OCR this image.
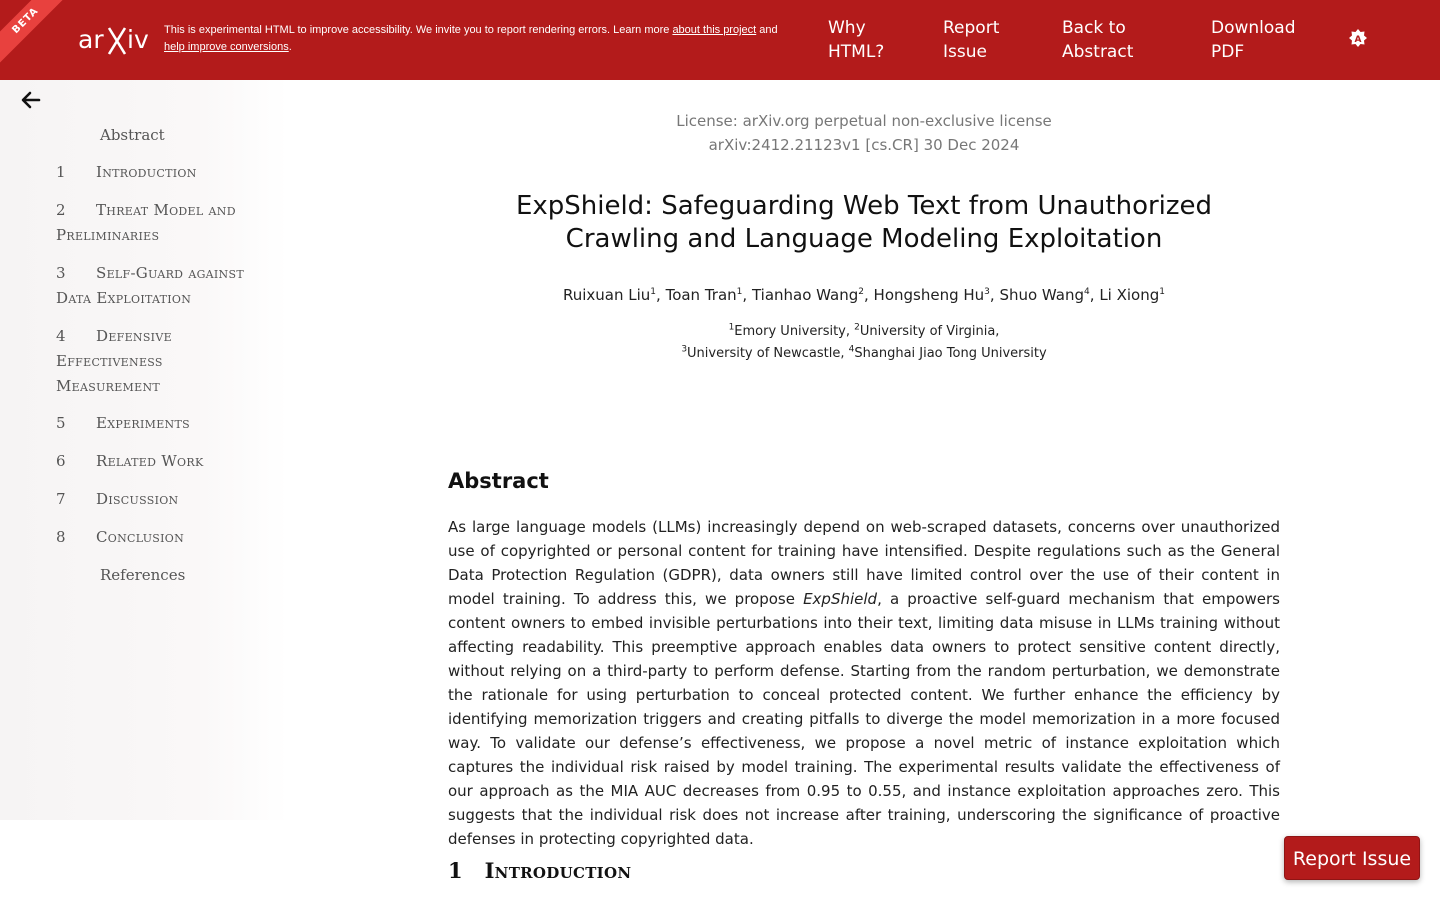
BETA
ar iv This is experimental HTML to improve accessibility. We invite you to report rendering errors. Learn more about this project and
help improve conversions.
Why
HTML?
Report
Issue
Back to
Abstract
Download
PDF
A
Abstract
1 Introduction
2 Threat Model and Preliminaries
3 Self-Guard against Data Exploitation
4 Defensive Effectiveness Measurement
5 Experiments
6 Related Work
7 Discussion
8 Conclusion
References
License: arXiv.org perpetual non-exclusive license
arXiv:2412.21123v1 [cs.CR] 30 Dec 2024
ExpShield: Safeguarding Web Text from Unauthorized Crawling and Language Modeling Exploitation
Ruixuan Liu$^1$, Toan Tran$^1$, Tianhao Wang$^2$, Hongsheng Hu$^3$, Shuo Wang$^4$, Li Xiong$^1$
$^1$Emory University, $^2$University of Virginia,
$^3$University of Newcastle, $^4$Shanghai Jiao Tong University
Abstract
As large language models (LLMs) increasingly depend on web-scraped datasets, concerns over unauthorized use of copyrighted or personal content for training have intensified. Despite regulations such as the General Data Protection Regulation (GDPR), data owners still have limited control over the use of their content in model training. To address this, we propose ExpShield, a proactive self-guard mechanism that empowers content owners to embed invisible perturbations into their text, limiting data misuse in LLMs training without affecting readability. This preemptive approach enables data owners to protect sensitive content directly, without relying on a third-party to perform defense. Starting from the random perturbation, we demonstrate the rationale for using perturbation to conceal protected content. We further enhance the efficiency by identifying memorization triggers and creating pitfalls to diverge the model memorization in a more focused way. To validate our defense’s effectiveness, we propose a novel metric of instance exploitation which captures the individual risk raised by model training. The experimental results validate the effectiveness of our approach as the MIA AUC decreases from 0.95 to 0.55, and instance exploitation approaches zero. This suggests that the individual risk does not increase after training, underscoring the significance of proactive defenses in protecting copyrighted data.
1 Introduction	Report Issue
